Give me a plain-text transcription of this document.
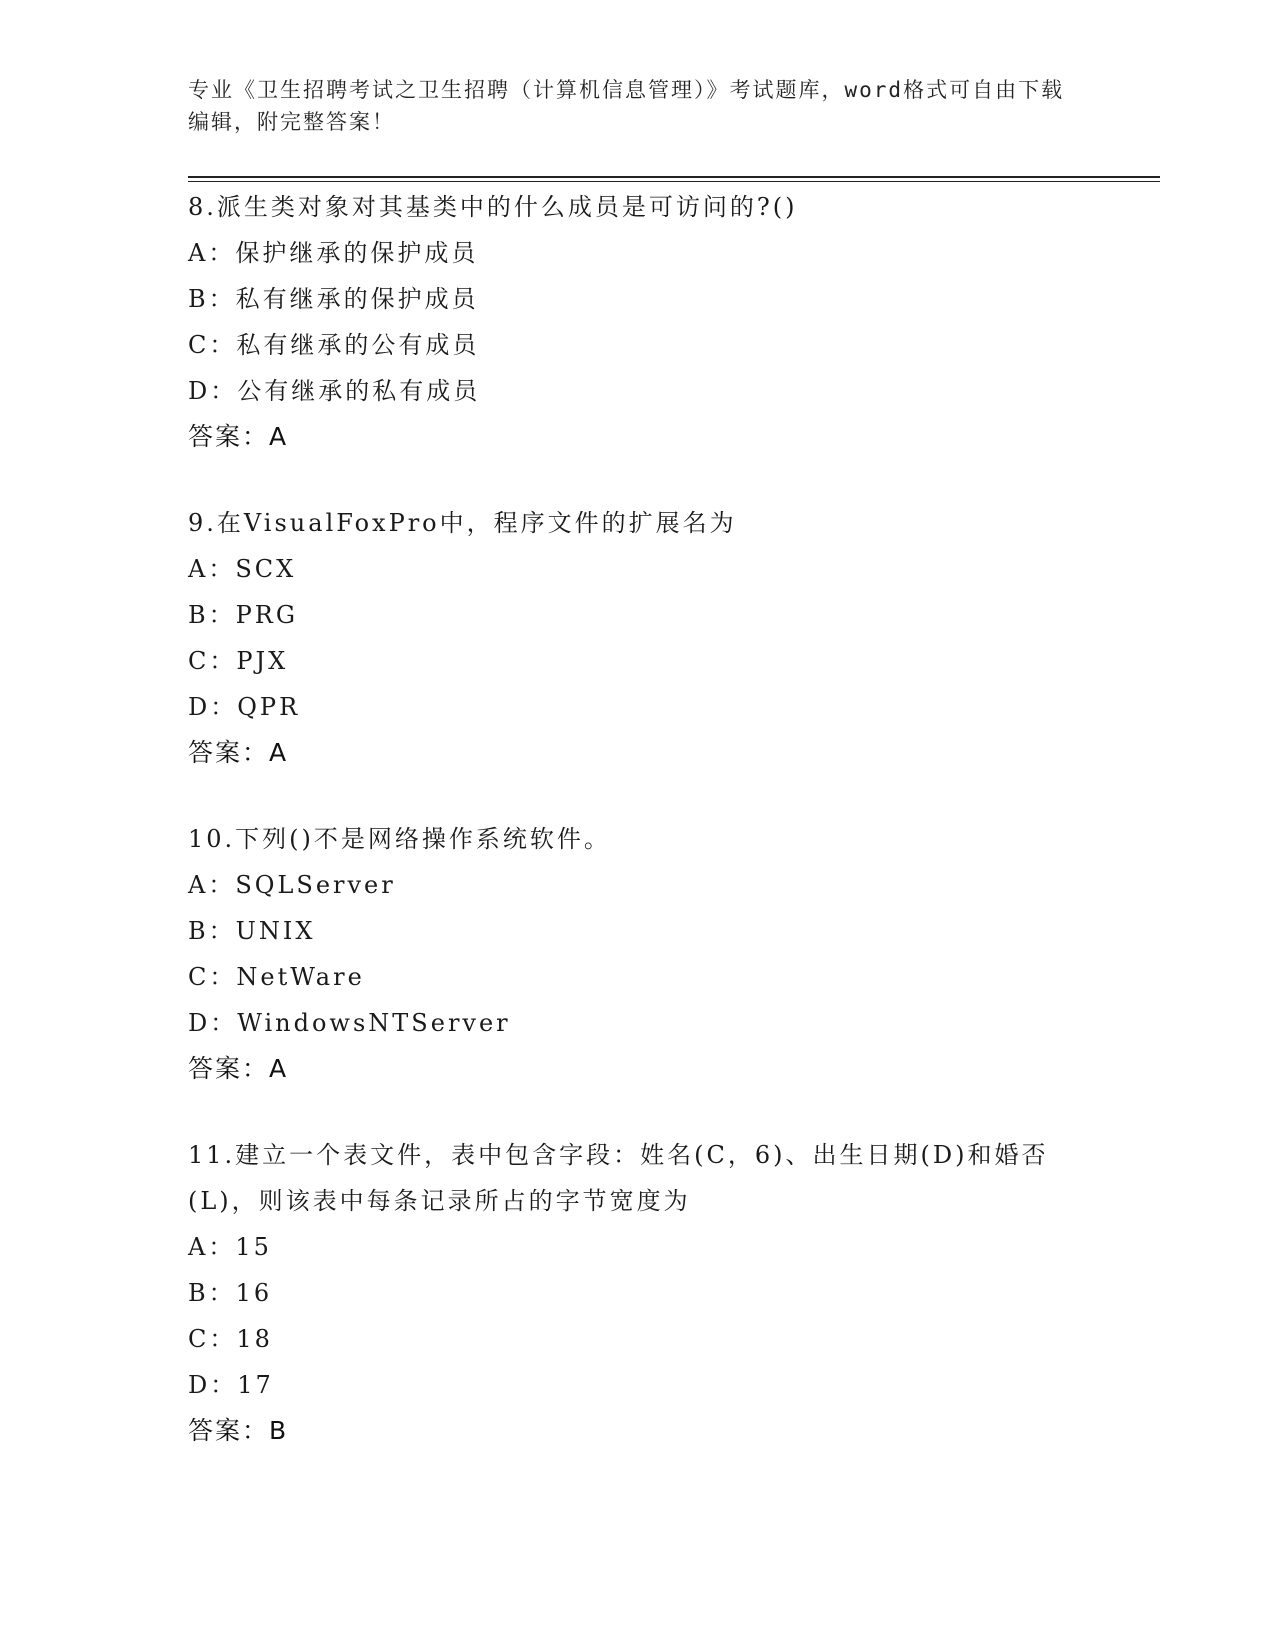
专业《卫生招聘考试之卫生招聘（计算机信息管理）》考试题库，word格式可自由下载编辑，附完整答案！
8.派生类对象对其基类中的什么成员是可访问的?()
A：保护继承的保护成员
B：私有继承的保护成员
C：私有继承的公有成员
D：公有继承的私有成员
答案：A
9.在VisualFoxPro中，程序文件的扩展名为
A：SCX
B：PRG
C：PJX
D：QPR
答案：A
10.下列()不是网络操作系统软件。
A：SQLServer
B：UNIX
C：NetWare
D：WindowsNTServer
答案：A
11.建立一个表文件，表中包含字段：姓名(C，6)、出生日期(D)和婚否(L)，则该表中每条记录所占的字节宽度为
A：15
B：16
C：18
D：17
答案：B
